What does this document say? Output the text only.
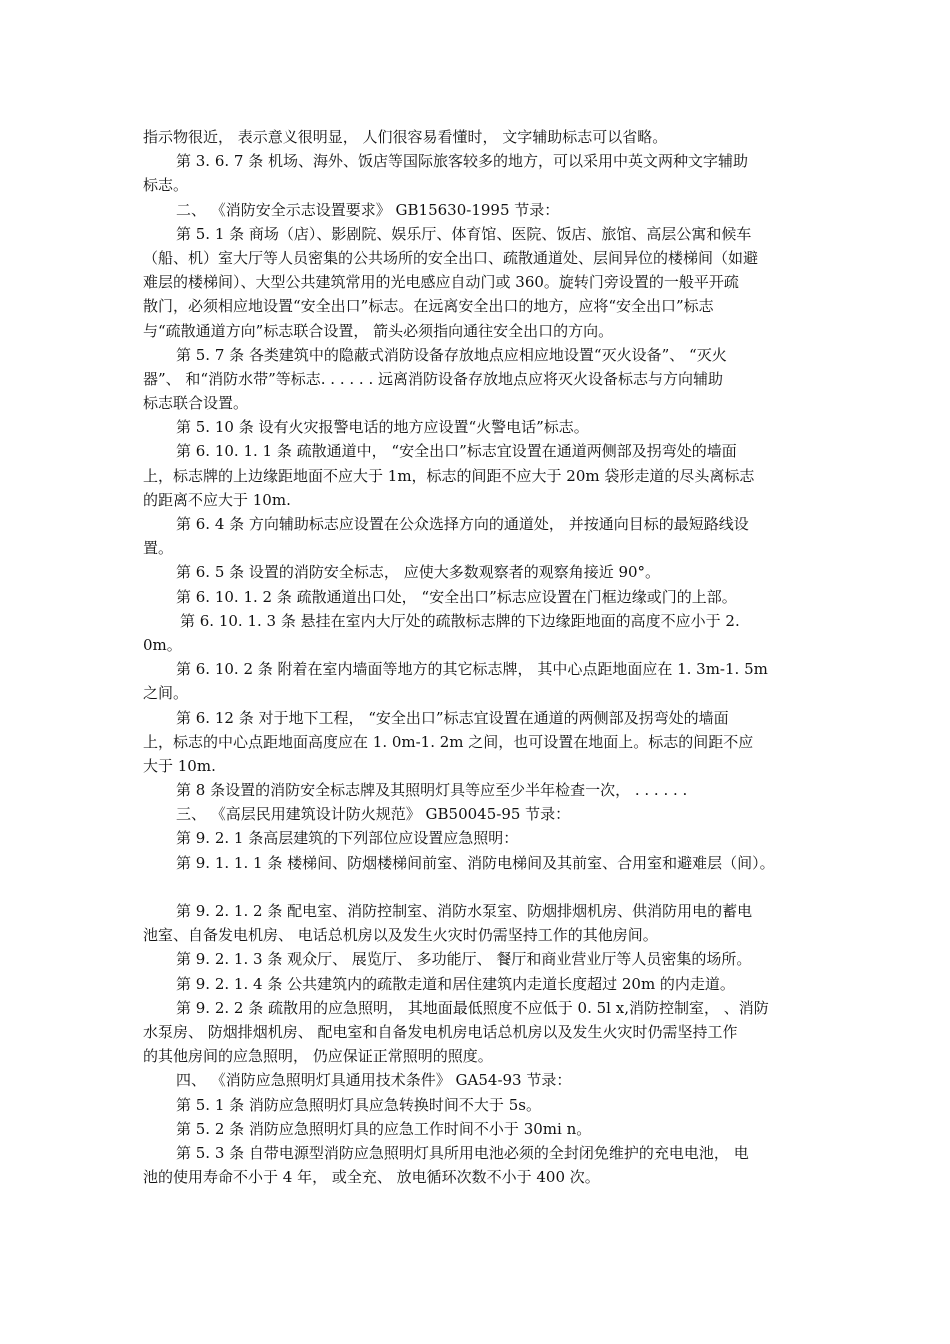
指示物很近， 表示意义很明显， 人们很容易看懂时， 文字辅助标志可以省略。
第 3. 6. 7 条 机场、海外、饭店等国际旅客较多的地方，可以采用中英文两种文字辅助
标志。
二、 《消防安全示志设置要求》 GB15630-1995 节录：
第 5. 1 条 商场（店）、影剧院、娱乐厅、体育馆、医院、饭店、旅馆、高层公寓和候车
（船、机）室大厅等人员密集的公共场所的安全出口、疏散通道处、层间异位的楼梯间（如避
难层的楼梯间）、大型公共建筑常用的光电感应自动门或 360。旋转门旁设置的一般平开疏
散门，必须相应地设置“安全出口”标志。在远离安全出口的地方，应将“安全出口”标志
与“疏散通道方向”标志联合设置， 箭头必须指向通往安全出口的方向。
第 5. 7 条 各类建筑中的隐蔽式消防设备存放地点应相应地设置“灭火设备”、 “灭火
器”、 和“消防水带”等标志. . . . . . 远离消防设备存放地点应将灭火设备标志与方向辅助
标志联合设置。
第 5. 10 条 设有火灾报警电话的地方应设置“火警电话”标志。
第 6. 10. 1. 1 条 疏散通道中， “安全出口”标志宜设置在通道两侧部及拐弯处的墙面
上，标志牌的上边缘距地面不应大于 1m，标志的间距不应大于 20m 袋形走道的尽头离标志
的距离不应大于 10m.
第 6. 4 条 方向辅助标志应设置在公众选择方向的通道处， 并按通向目标的最短路线设
置。
第 6. 5 条 设置的消防安全标志， 应使大多数观察者的观察角接近 90°。
第 6. 10. 1. 2 条 疏散通道出口处， “安全出口”标志应设置在门框边缘或门的上部。
第 6. 10. 1. 3 条 悬挂在室内大厅处的疏散标志牌的下边缘距地面的高度不应小于 2.
0m。
第 6. 10. 2 条 附着在室内墙面等地方的其它标志牌， 其中心点距地面应在 1. 3m-1. 5m
之间。
第 6. 12 条 对于地下工程， “安全出口”标志宜设置在通道的两侧部及拐弯处的墙面
上，标志的中心点距地面高度应在 1. 0m-1. 2m 之间，也可设置在地面上。标志的间距不应
大于 10m.
第 8 条设置的消防安全标志牌及其照明灯具等应至少半年检查一次， . . . . . .
三、 《高层民用建筑设计防火规范》 GB50045-95 节录：
第 9. 2. 1 条高层建筑的下列部位应设置应急照明：
第 9. 1. 1. 1 条 楼梯间、防烟楼梯间前室、消防电梯间及其前室、合用室和避难层（间）。
第 9. 2. 1. 2 条 配电室、消防控制室、消防水泵室、防烟排烟机房、供消防用电的蓄电
池室、自备发电机房、 电话总机房以及发生火灾时仍需坚持工作的其他房间。
第 9. 2. 1. 3 条 观众厅、 展览厅、 多功能厅、 餐厅和商业营业厅等人员密集的场所。
第 9. 2. 1. 4 条 公共建筑内的疏散走道和居住建筑内走道长度超过 20m 的内走道。
第 9. 2. 2 条 疏散用的应急照明， 其地面最低照度不应低于 0. 5l x,消防控制室， 、消防
水泵房、 防烟排烟机房、 配电室和自备发电机房电话总机房以及发生火灾时仍需坚持工作
的其他房间的应急照明， 仍应保证正常照明的照度。
四、 《消防应急照明灯具通用技术条件》 GA54-93 节录：
第 5. 1 条 消防应急照明灯具应急转换时间不大于 5s。
第 5. 2 条 消防应急照明灯具的应急工作时间不小于 30mi n。
第 5. 3 条 自带电源型消防应急照明灯具所用电池必须的全封闭免维护的充电电池， 电
池的使用寿命不小于 4 年， 或全充、 放电循环次数不小于 400 次。
